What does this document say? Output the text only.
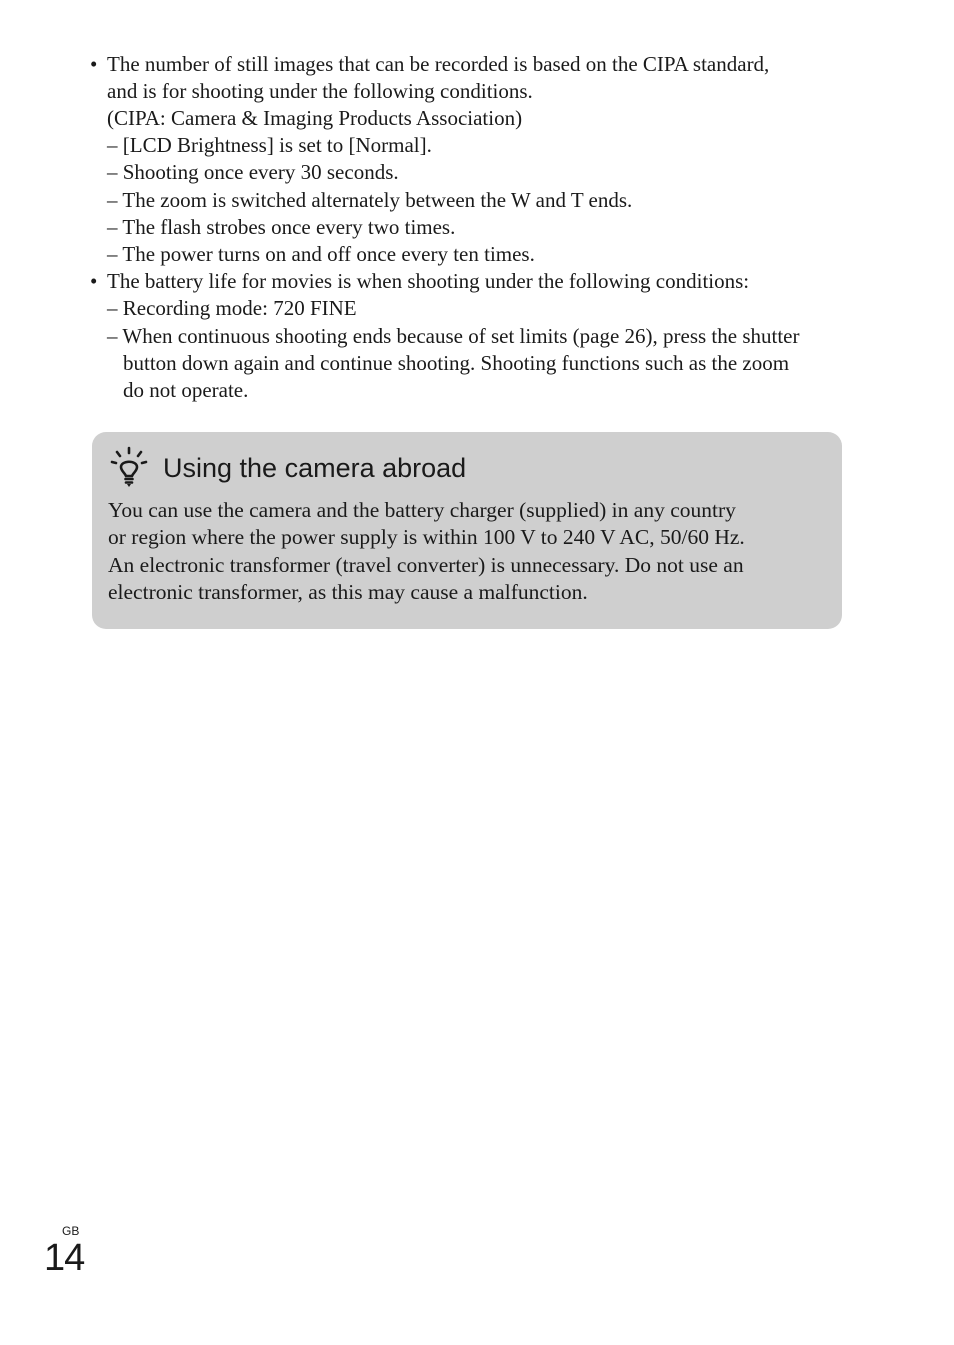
• The number of still images that can be recorded is based on the CIPA standard,
and is for shooting under the following conditions.
(CIPA: Camera & Imaging Products Association)
– [LCD Brightness] is set to [Normal].
– Shooting once every 30 seconds.
– The zoom is switched alternately between the W and T ends.
– The flash strobes once every two times.
– The power turns on and off once every ten times.
• The battery life for movies is when shooting under the following conditions:
– Recording mode: 720 FINE
– When continuous shooting ends because of set limits (page 26), press the shutter
button down again and continue shooting. Shooting functions such as the zoom
do not operate.
Using the camera abroad
You can use the camera and the battery charger (supplied) in any country
or region where the power supply is within 100 V to 240 V AC, 50/60 Hz.
An electronic transformer (travel converter) is unnecessary. Do not use an
electronic transformer, as this may cause a malfunction.
GB
14
